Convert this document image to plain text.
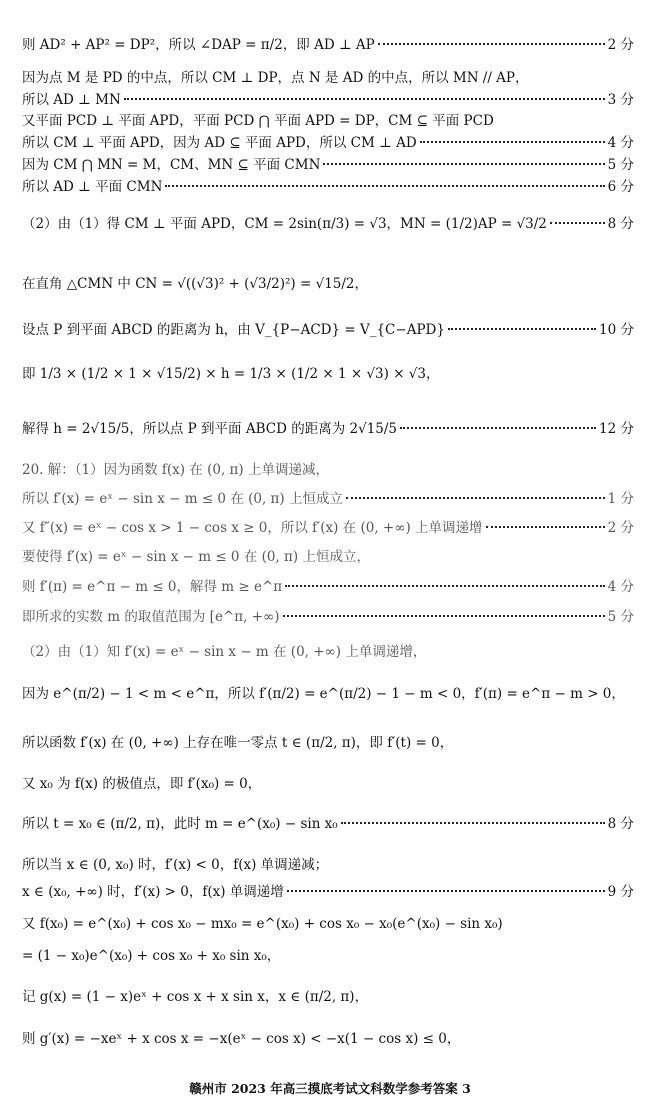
则 AD² + AP² = DP²，所以 ∠DAP = π/2，即 AD ⊥ AP	2 分
因为点 M 是 PD 的中点，所以 CM ⊥ DP，点 N 是 AD 的中点，所以 MN // AP，
所以 AD ⊥ MN	3 分
又平面 PCD ⊥ 平面 APD，平面 PCD ⋂ 平面 APD = DP，CM ⊆ 平面 PCD
所以 CM ⊥ 平面 APD，因为 AD ⊆ 平面 APD，所以 CM ⊥ AD	4 分
因为 CM ⋂ MN = M，CM、MN ⊆ 平面 CMN	5 分
所以 AD ⊥ 平面 CMN	6 分
（2）由（1）得 CM ⊥ 平面 APD，CM = 2sin(π/3) = √3，MN = (1/2)AP = √3/2	8 分
在直角 △CMN 中 CN = √((√3)² + (√3/2)²) = √15/2，
设点 P 到平面 ABCD 的距离为 h，由 V_{P−ACD} = V_{C−APD}	10 分
即 1/3 × (1/2 × 1 × √15/2) × h = 1/3 × (1/2 × 1 × √3) × √3，
解得 h = 2√15/5，所以点 P 到平面 ABCD 的距离为 2√15/5	12 分
20. 解：（1）因为函数 f(x) 在 (0, π) 上单调递减，
所以 f′(x) = eˣ − sin x − m ≤ 0 在 (0, π) 上恒成立	1 分
又 f″(x) = eˣ − cos x > 1 − cos x ≥ 0，所以 f′(x) 在 (0, +∞) 上单调递增	2 分
要使得 f′(x) = eˣ − sin x − m ≤ 0 在 (0, π) 上恒成立，
则 f′(π) = e^π − m ≤ 0，解得 m ≥ e^π	4 分
即所求的实数 m 的取值范围为 [e^π, +∞)	5 分
（2）由（1）知 f′(x) = eˣ − sin x − m 在 (0, +∞) 上单调递增，
因为 e^(π/2) − 1 < m < e^π，所以 f′(π/2) = e^(π/2) − 1 − m < 0，f′(π) = e^π − m > 0，
所以函数 f′(x) 在 (0, +∞) 上存在唯一零点 t ∈ (π/2, π)，即 f′(t) = 0，
又 x₀ 为 f(x) 的极值点，即 f′(x₀) = 0，
所以 t = x₀ ∈ (π/2, π)，此时 m = e^(x₀) − sin x₀	8 分
所以当 x ∈ (0, x₀) 时，f′(x) < 0，f(x) 单调递减；
x ∈ (x₀, +∞) 时，f′(x) > 0，f(x) 单调递增	9 分
又 f(x₀) = e^(x₀) + cos x₀ − mx₀ = e^(x₀) + cos x₀ − x₀(e^(x₀) − sin x₀)
= (1 − x₀)e^(x₀) + cos x₀ + x₀ sin x₀，
记 g(x) = (1 − x)eˣ + cos x + x sin x，x ∈ (π/2, π)，
则 g′(x) = −xeˣ + x cos x = −x(eˣ − cos x) < −x(1 − cos x) ≤ 0，
赣州市 2023 年高三摸底考试文科数学参考答案 3
